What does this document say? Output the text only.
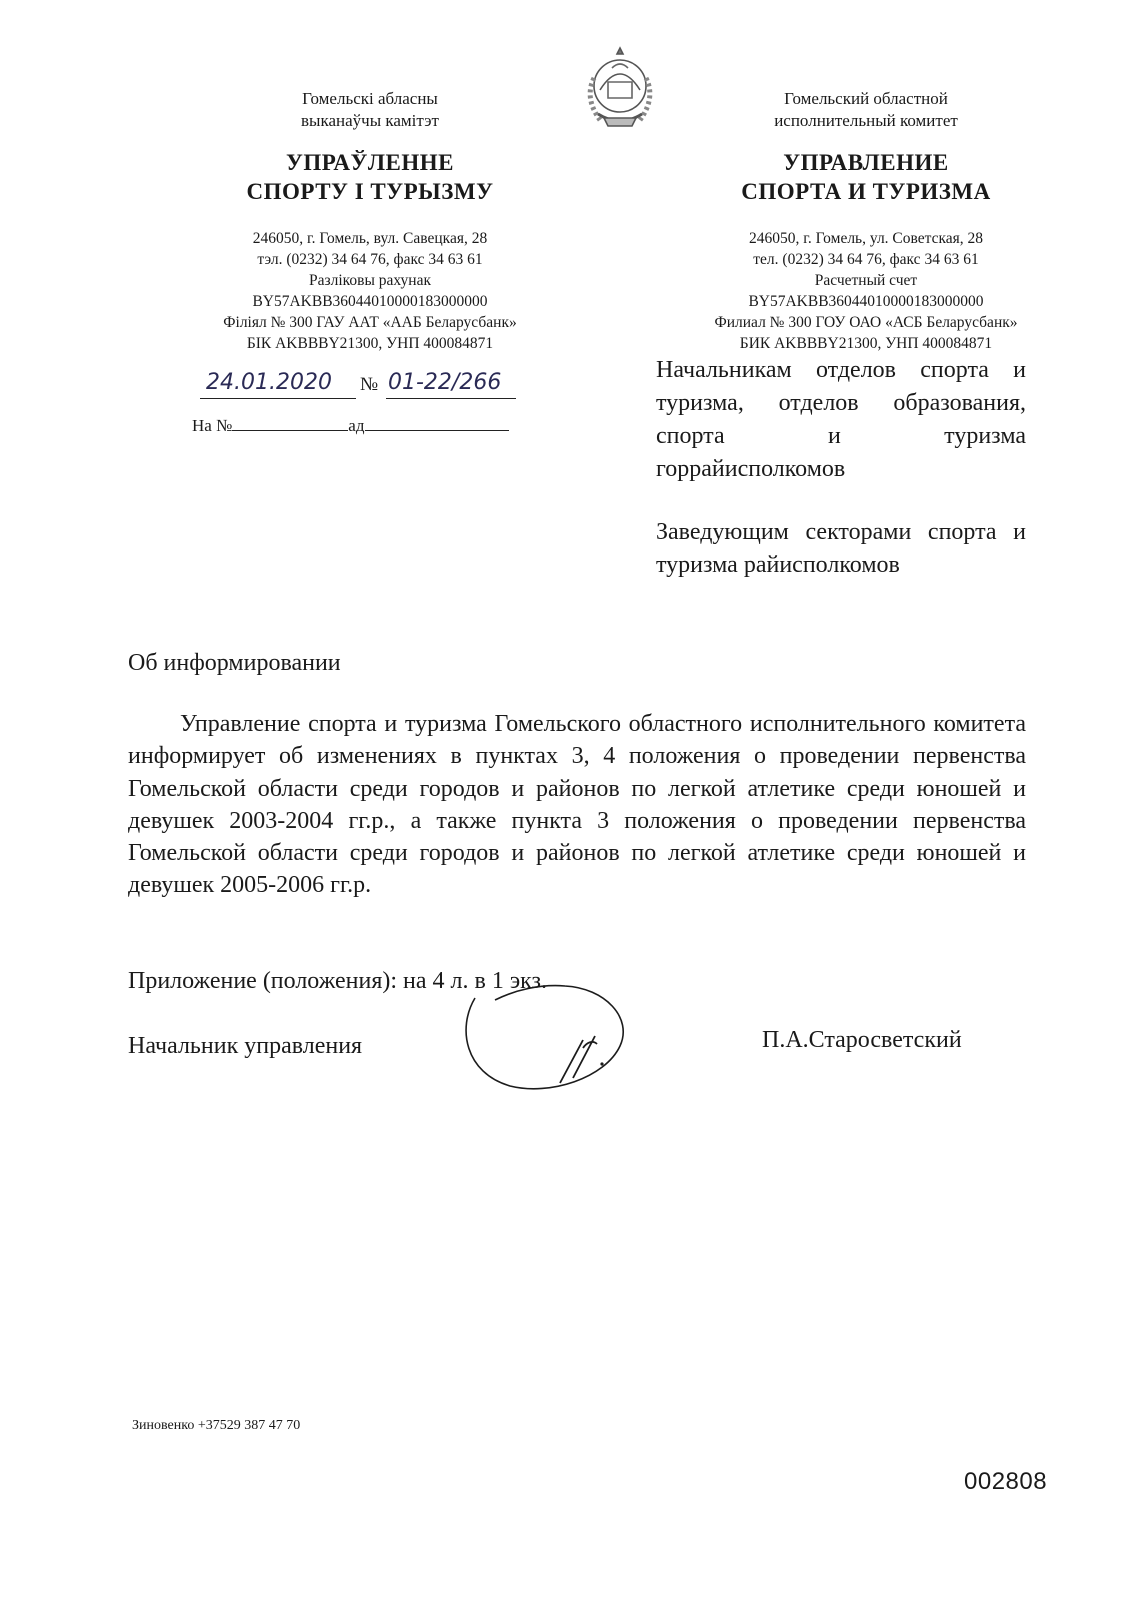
Гомельскі абласны

выканаўчы камітэт

УПРАЎЛЕННЕ
СПОРТУ І ТУРЫЗМУ
246050, г. Гомель, вул. Савецкая, 28
тэл. (0232) 34 64 76, факс 34 63 61
Разліковы рахунак
BY57AKBB36044010000183000000
Філіял № 300 ГАУ ААТ «ААБ Беларусбанк»
БІК AKBBBY21300, УНП 400084871

Гомельский областной

исполнительный комитет

УПРАВЛЕНИЕ
СПОРТА И ТУРИЗМА
246050, г. Гомель, ул. Советская, 28
тел. (0232) 34 64 76, факс 34 63 61
Расчетный счет
BY57AKBB36044010000183000000
Филиал № 300 ГОУ ОАО «АСБ Беларусбанк»
БИК AKBBBY21300, УНП 400084871
24.01.2020 № 01-22/266
На №	ад
Начальникам отделов спорта и туризма, отделов образования, спорта и туризма горрайисполкомов
Заведующим секторами спорта и туризма райисполкомов
Об информировании

Управление спорта и туризма Гомельского областного исполнительного комитета информирует об изменениях в пунктах 3, 4 положения о проведении первенства Гомельской области среди городов и районов по легкой атлетике среди юношей и девушек 2003-2004 гг.р., а также пункта 3 положения о проведении первенства Гомельской области среди городов и районов по легкой атлетике среди юношей и девушек 2005-2006 гг.р.

Приложение (положения): на 4 л. в 1 экз.
Начальник управления	П.А.Старосветский
Зиновенко +37529 387 47 70
002808
